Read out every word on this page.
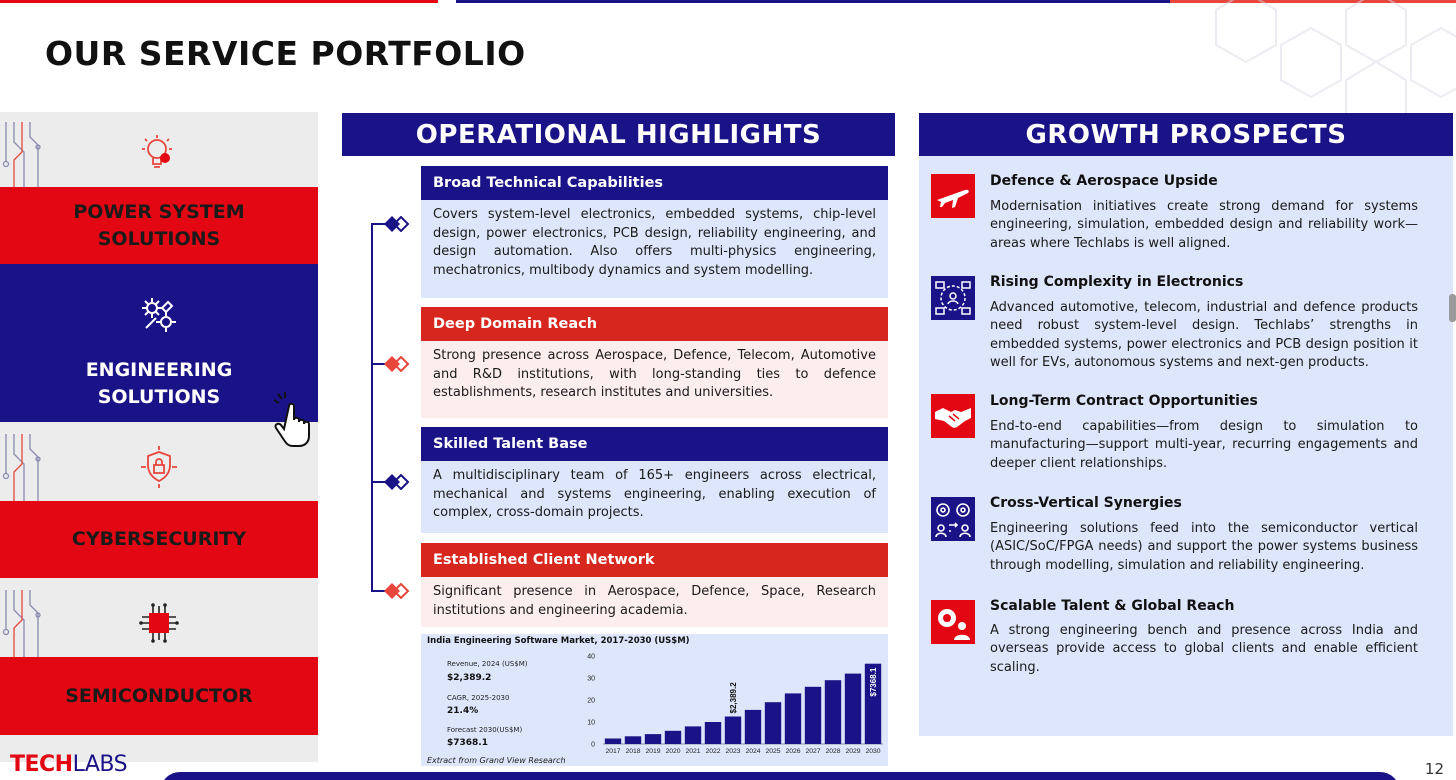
OUR SERVICE PORTFOLIO
POWER SYSTEM
SOLUTIONS
ENGINEERING
SOLUTIONS
CYBERSECURITY
SEMICONDUCTOR
OPERATIONAL HIGHLIGHTS
Broad Technical Capabilities
Covers system-level electronics, embedded systems, chip-level design, power electronics, PCB design, reliability engineering, and design automation. Also offers multi-physics engineering, mechatronics, multibody dynamics and system modelling.
Deep Domain Reach
Strong presence across Aerospace, Defence, Telecom, Automotive and R&D institutions, with long-standing ties to defence establishments, research institutes and universities.
Skilled Talent Base
A multidisciplinary team of 165+ engineers across electrical, mechanical and systems engineering, enabling execution of complex, cross-domain projects.
Established Client Network
Significant presence in Aerospace, Defence, Space, Research institutions and engineering academia.
India Engineering Software Market, 2017-2030 (US$M)
Revenue, 2024 (US$M)
$2,389.2
CAGR, 2025-2030
21.4%
Forecast 2030(US$M)
$7368.1	0
10
20
30
40
2017 2018 2019 2020 2021 2022 2023 2024 2025 2026 2027 2028 2029 2030
$2,389.2
$7368.1
Extract from Grand View Research
GROWTH PROSPECTS
Defence & Aerospace Upside
Modernisation initiatives create strong demand for systems engineering, simulation, embedded design and reliability work—areas where Techlabs is well aligned.
Rising Complexity in Electronics
Advanced automotive, telecom, industrial and defence products need robust system-level design. Techlabs’ strengths in embedded systems, power electronics and PCB design position it well for EVs, autonomous systems and next-gen products.
Long-Term Contract Opportunities
End-to-end capabilities—from design to simulation to manufacturing—support multi-year, recurring engagements and deeper client relationships.
Cross-Vertical Synergies
Engineering solutions feed into the semiconductor vertical (ASIC/SoC/FPGA needs) and support the power systems business through modelling, simulation and reliability engineering.
Scalable Talent & Global Reach
A strong engineering bench and presence across India and overseas provide access to global clients and enable efficient scaling.
TECHLABS	12
